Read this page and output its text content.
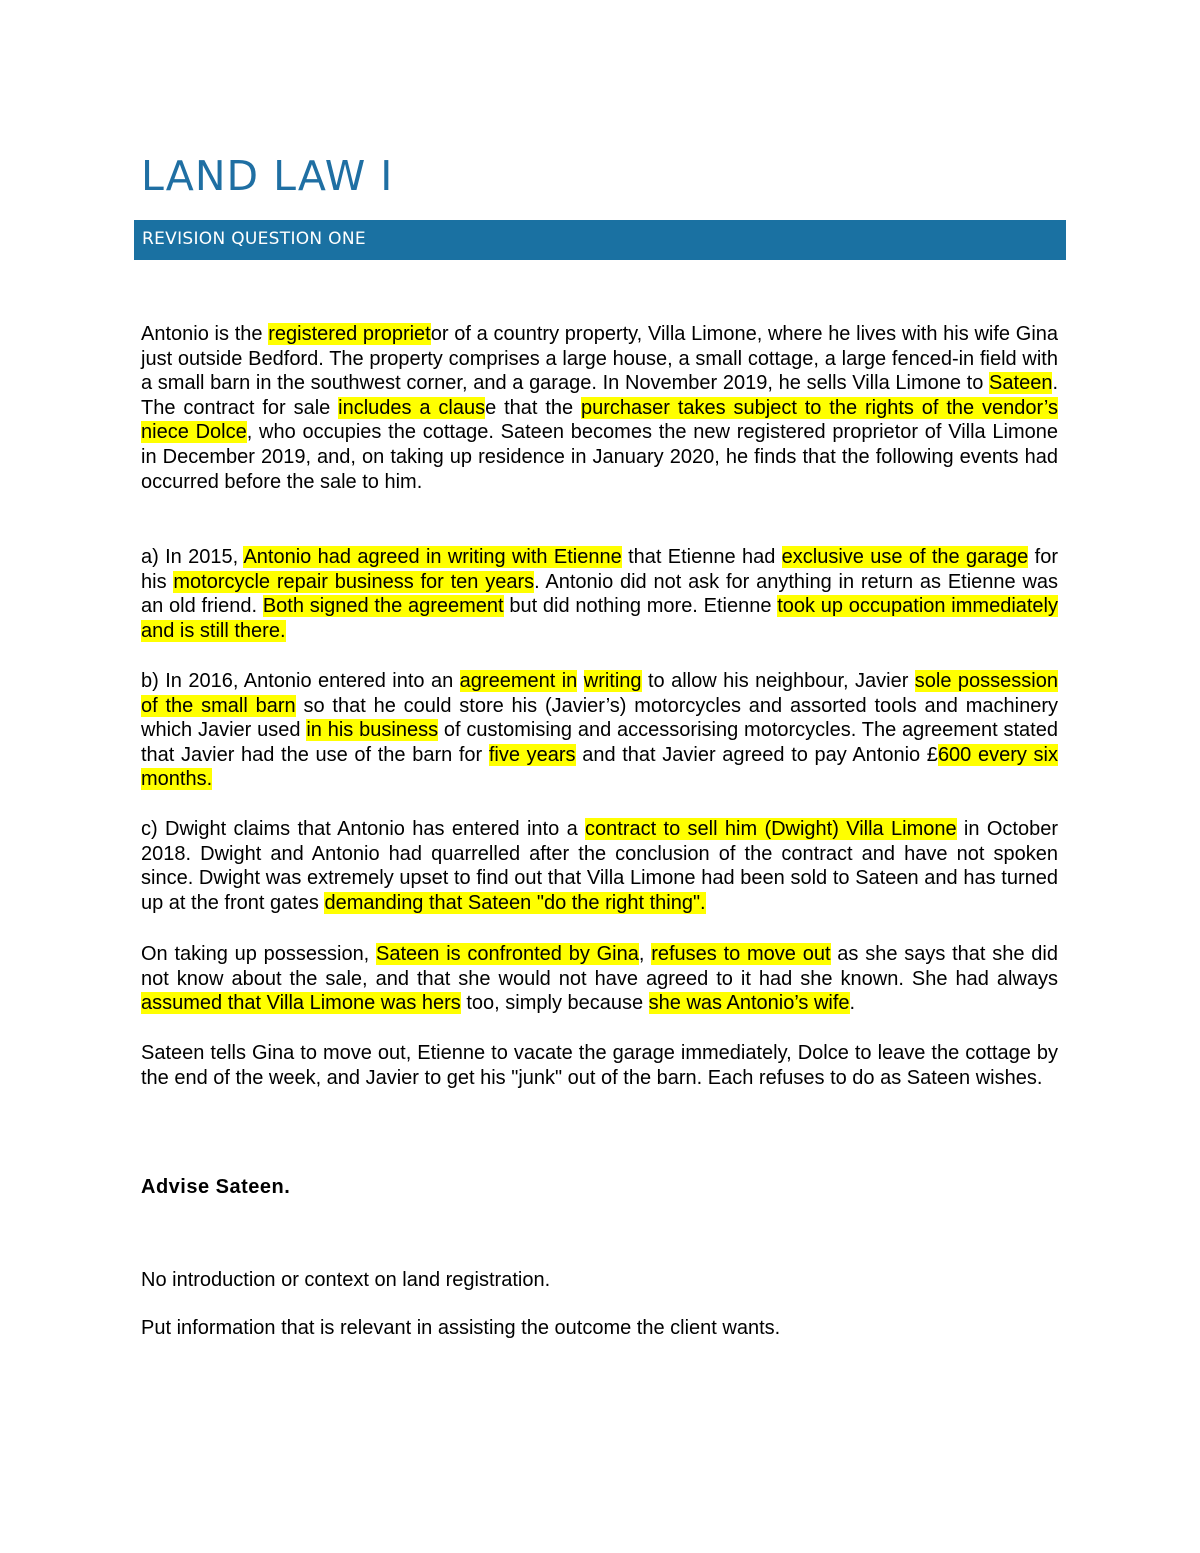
LAND LAW I
REVISION QUESTION ONE

Antonio is the registered proprietor of a country property, Villa Limone, where he lives with his wife Gina just outside Bedford. The property comprises a large house, a small cottage, a large fenced-in field with a small barn in the southwest corner, and a garage. In November 2019, he sells Villa Limone to Sateen. The contract for sale includes a clause that the purchaser takes subject to the rights of the vendor’s niece Dolce, who occupies the cottage. Sateen becomes the new registered proprietor of Villa Limone in December 2019, and, on taking up residence in January 2020, he finds that the following events had occurred before the sale to him.

a) In 2015, Antonio had agreed in writing with Etienne that Etienne had exclusive use of the garage for his motorcycle repair business for ten years. Antonio did not ask for anything in return as Etienne was an old friend. Both signed the agreement but did nothing more. Etienne took up occupation immediately and is still there.

b) In 2016, Antonio entered into an agreement in writing to allow his neighbour, Javier sole possession of the small barn so that he could store his (Javier’s) motorcycles and assorted tools and machinery which Javier used in his business of customising and accessorising motorcycles. The agreement stated that Javier had the use of the barn for five years and that Javier agreed to pay Antonio £600 every six months.

c) Dwight claims that Antonio has entered into a contract to sell him (Dwight) Villa Limone in October 2018. Dwight and Antonio had quarrelled after the conclusion of the contract and have not spoken since. Dwight was extremely upset to find out that Villa Limone had been sold to Sateen and has turned up at the front gates demanding that Sateen "do the right thing".

On taking up possession, Sateen is confronted by Gina, refuses to move out as she says that she did not know about the sale, and that she would not have agreed to it had she known. She had always assumed that Villa Limone was hers too, simply because she was Antonio’s wife.

Sateen tells Gina to move out, Etienne to vacate the garage immediately, Dolce to leave the cottage by the end of the week, and Javier to get his "junk" out of the barn. Each refuses to do as Sateen wishes.

Advise Sateen.

No introduction or context on land registration.

Put information that is relevant in assisting the outcome the client wants.
